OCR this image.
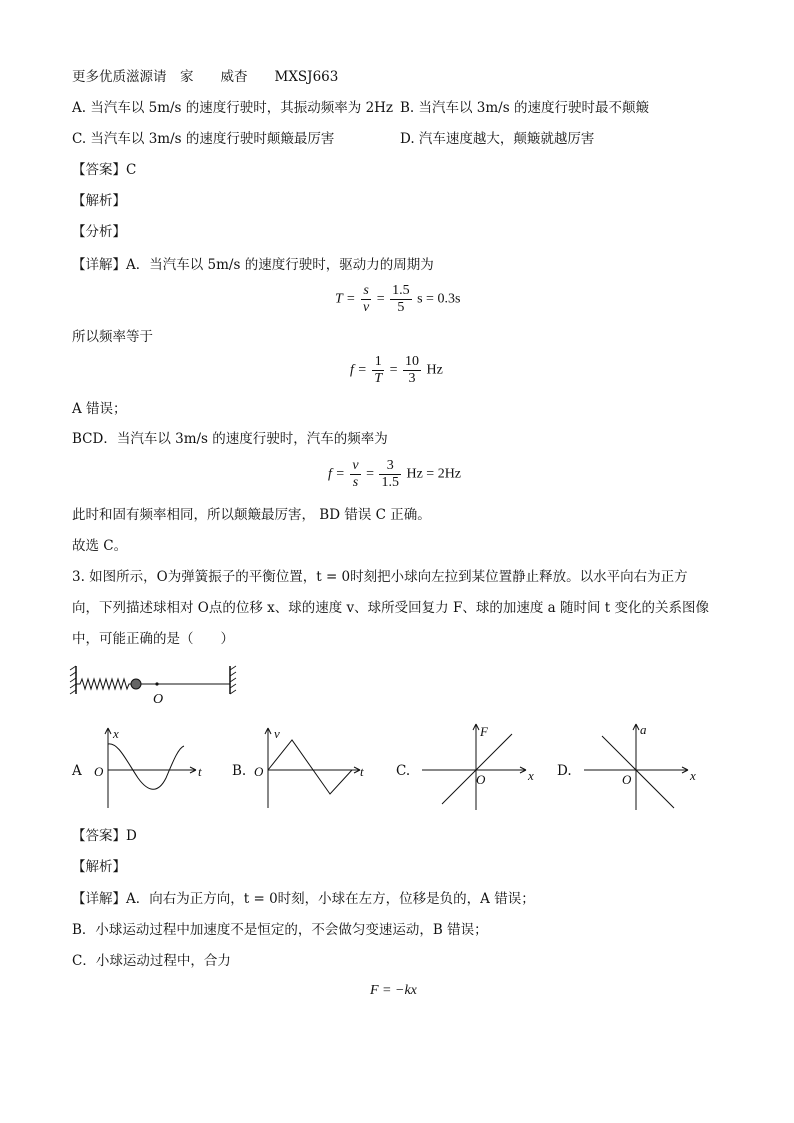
更多优质滋源请　家　　威杳　　MXSJ663
A. 当汽车以 5m/s 的速度行驶时，其振动频率为 2Hz B. 当汽车以 3m/s 的速度行驶时最不颠簸
C. 当汽车以 3m/s 的速度行驶时颠簸最厉害	D. 汽车速度越大，颠簸就越厉害
【答案】C
【解析】
【分析】
【详解】A．当汽车以 5m/s 的速度行驶时，驱动力的周期为
$T = \frac{s}{v} = \frac{1.5}{5}$ s = 0.3s
所以频率等于
$f = \frac{1}{T} = \frac{10}{3}$ Hz
A 错误；
BCD．当汽车以 3m/s 的速度行驶时，汽车的频率为
$f = \frac{v}{s} = \frac{3}{1.5}$ Hz = 2Hz
此时和固有频率相同，所以颠簸最厉害， BD 错误 C 正确。
故选 C。
3. 如图所示，O为弹簧振子的平衡位置，t = 0时刻把小球向左拉到某位置静止释放。以水平向右为正方
向，下列描述球相对 O点的位移 x、球的速度 v、球所受回复力 F、球的加速度 a 随时间 t 变化的关系图像
中，可能正确的是（　　）
O
A
x
t
O	B.
v
t
O	C.
F
x
O
D.
a
x
O
【答案】D
【解析】
【详解】A．向右为正方向，t = 0时刻，小球在左方，位移是负的，A 错误；
B．小球运动过程中加速度不是恒定的，不会做匀变速运动，B 错误；
C．小球运动过程中，合力
F = −kx
